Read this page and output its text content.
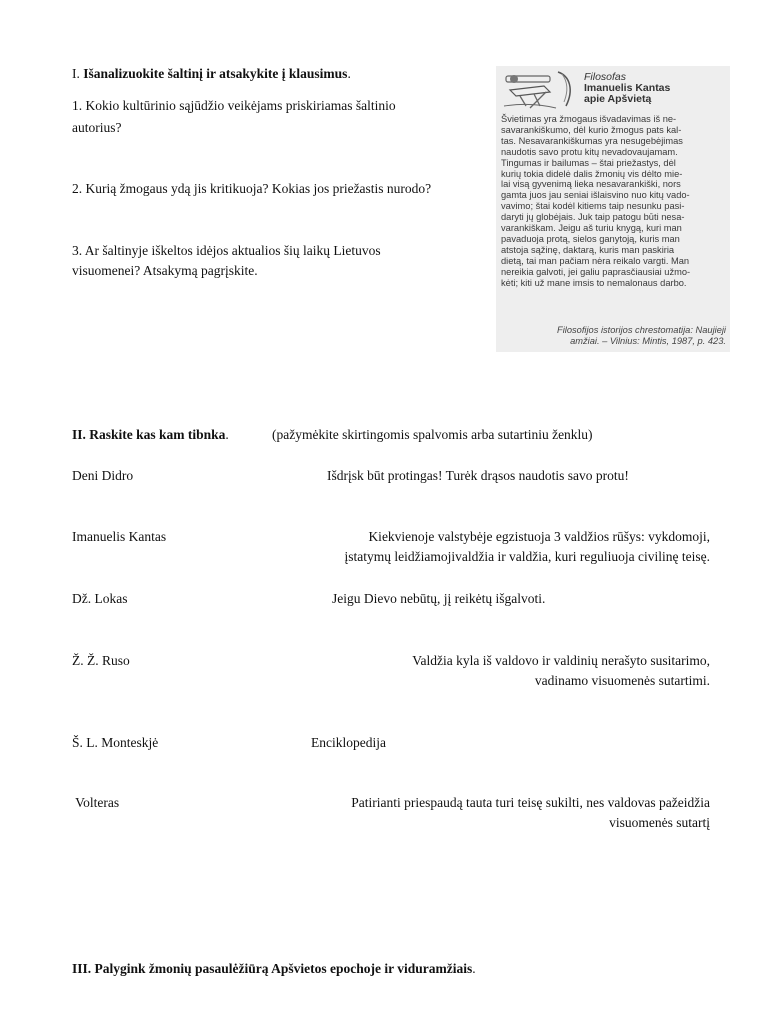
I. Išanalizuokite šaltinį ir atsakykite į klausimus.
1. Kokio kultūrinio sąjūdžio veikėjams priskiriamas šaltinio
autorius?
2. Kurią žmogaus ydą jis kritikuoja? Kokias jos priežastis nurodo?
3. Ar šaltinyje iškeltos idėjos aktualios šių laikų Lietuvos
visuomenei? Atsakymą pagrįskite.
Filosofas
Imanuelis Kantas
apie Apšvietą
Švietimas yra žmogaus išvadavimas iš ne-
savarankiškumo, dėl kurio žmogus pats kal-
tas. Nesavarankiškumas yra nesugebėjimas
naudotis savo protu kitų nevadovaujamam.
Tingumas ir bailumas – štai priežastys, dėl
kurių tokia didelė dalis žmonių vis dėlto mie-
lai visą gyvenimą lieka nesavarankiški, nors
gamta juos jau seniai išlaisvino nuo kitų vado-
vavimo; štai kodėl kitiems taip nesunku pasi-
daryti jų globėjais. Juk taip patogu būti nesa-
varankiškam. Jeigu aš turiu knygą, kuri man
pavaduoja protą, sielos ganytoją, kuris man
atstoja sąžinę, daktarą, kuris man paskiria
dietą, tai man pačiam nėra reikalo vargti. Man
nereikia galvoti, jei galiu paprasčiausiai užmo-
kėti; kiti už mane imsis to nemalonaus darbo.
Filosofijos istorijos chrestomatija: Naujieji
amžiai. – Vilnius: Mintis, 1987, p. 423.
II. Raskite kas kam tibnka.	(pažymėkite skirtingomis spalvomis arba sutartiniu ženklu)
Deni Didro
Imanuelis Kantas
Dž. Lokas
Ž. Ž. Ruso
Š. L. Monteskjė
Volteras
Išdrįsk būt protingas! Turėk drąsos naudotis savo protu!
Kiekvienoje valstybėje egzistuoja 3 valdžios rūšys: vykdomoji,
įstatymų leidžiamojivaldžia ir valdžia, kuri reguliuoja civilinę teisę.
Jeigu Dievo nebūtų, jį reikėtų išgalvoti.
Valdžia kyla iš valdovo ir valdinių nerašyto susitarimo,
vadinamo visuomenės sutartimi.
Enciklopedija
Patirianti priespaudą tauta turi teisę sukilti, nes valdovas pažeidžia
visuomenės sutartį
III. Palygink žmonių pasaulėžiūrą Apšvietos epochoje ir viduramžiais.
